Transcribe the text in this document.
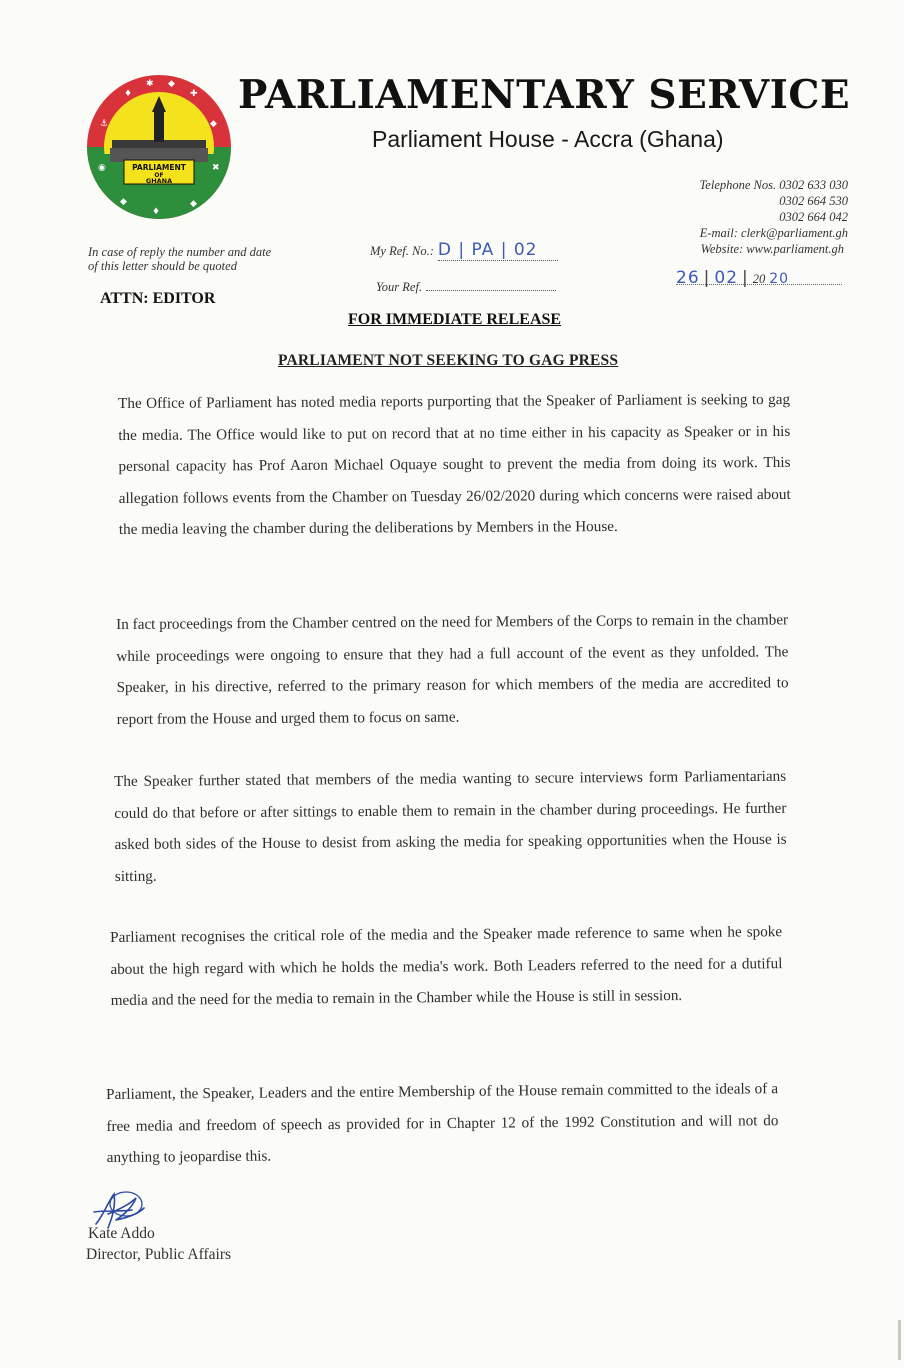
PARLIAMENT
OF
GHANA
♦
✱ ◆
✚
⚓	◆
◉	✖
◆
♦
◆
PARLIAMENTARY SERVICE
Parliament House - Accra (Ghana)
Telephone Nos. 0302 633 030
0302 664 530
0302 664 042
E-mail: clerk@parliament.gh
Website: www.parliament.gh
26 | 02 | 20 20
In case of reply the number and date of this letter should be quoted
ATTN: EDITOR
My Ref. No.: D | PA | 02
Your Ref.
FOR IMMEDIATE RELEASE
PARLIAMENT NOT SEEKING TO GAG PRESS
The Office of Parliament has noted media reports purporting that the Speaker of Parliament is seeking to gag the media. The Office would like to put on record that at no time either in his capacity as Speaker or in his personal capacity has Prof Aaron Michael Oquaye sought to prevent the media from doing its work. This allegation follows events from the Chamber on Tuesday 26/02/2020 during which concerns were raised about the media leaving the chamber during the deliberations by Members in the House.
In fact proceedings from the Chamber centred on the need for Members of the Corps to remain in the chamber while proceedings were ongoing to ensure that they had a full account of the event as they unfolded. The Speaker, in his directive, referred to the primary reason for which members of the media are accredited to report from the House and urged them to focus on same.
The Speaker further stated that members of the media wanting to secure interviews form Parliamentarians could do that before or after sittings to enable them to remain in the chamber during proceedings. He further asked both sides of the House to desist from asking the media for speaking opportunities when the House is sitting.
Parliament recognises the critical role of the media and the Speaker made reference to same when he spoke about the high regard with which he holds the media's work. Both Leaders referred to the need for a dutiful media and the need for the media to remain in the Chamber while the House is still in session.
Parliament, the Speaker, Leaders and the entire Membership of the House remain committed to the ideals of a free media and freedom of speech as provided for in Chapter 12 of the 1992 Constitution and will not do anything to jeopardise this.
Kate Addo
Director, Public Affairs
